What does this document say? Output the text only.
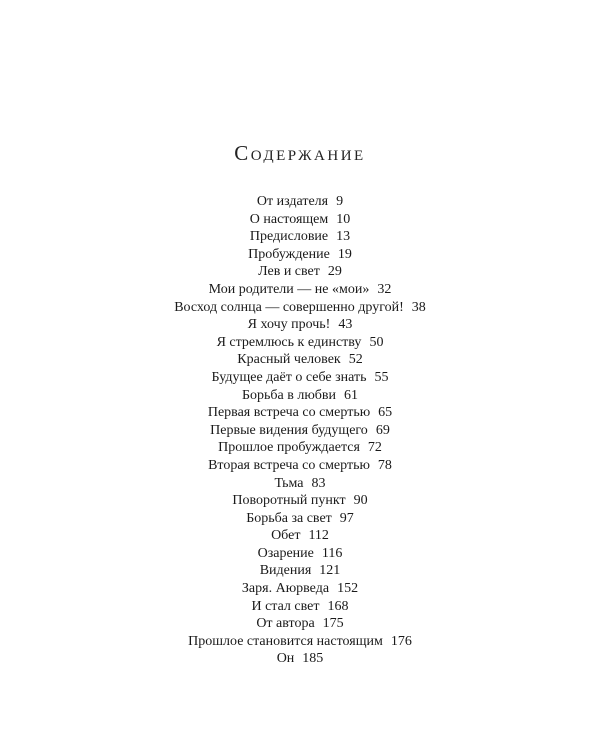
Содержание
От издателя 9
О настоящем 10
Предисловие 13
Пробуждение 19
Лев и свет 29
Мои родители — не «мои» 32
Восход солнца — совершенно другой! 38
Я хочу прочь! 43
Я стремлюсь к единству 50
Красный человек 52
Будущее даёт о себе знать 55
Борьба в любви 61
Первая встреча со смертью 65
Первые видения будущего 69
Прошлое пробуждается 72
Вторая встреча со смертью 78
Тьма 83
Поворотный пункт 90
Борьба за свет 97
Обет 112
Озарение 116
Видения 121
Заря. Аюрведа 152
И стал свет 168
От автора 175
Прошлое становится настоящим 176
Он 185
